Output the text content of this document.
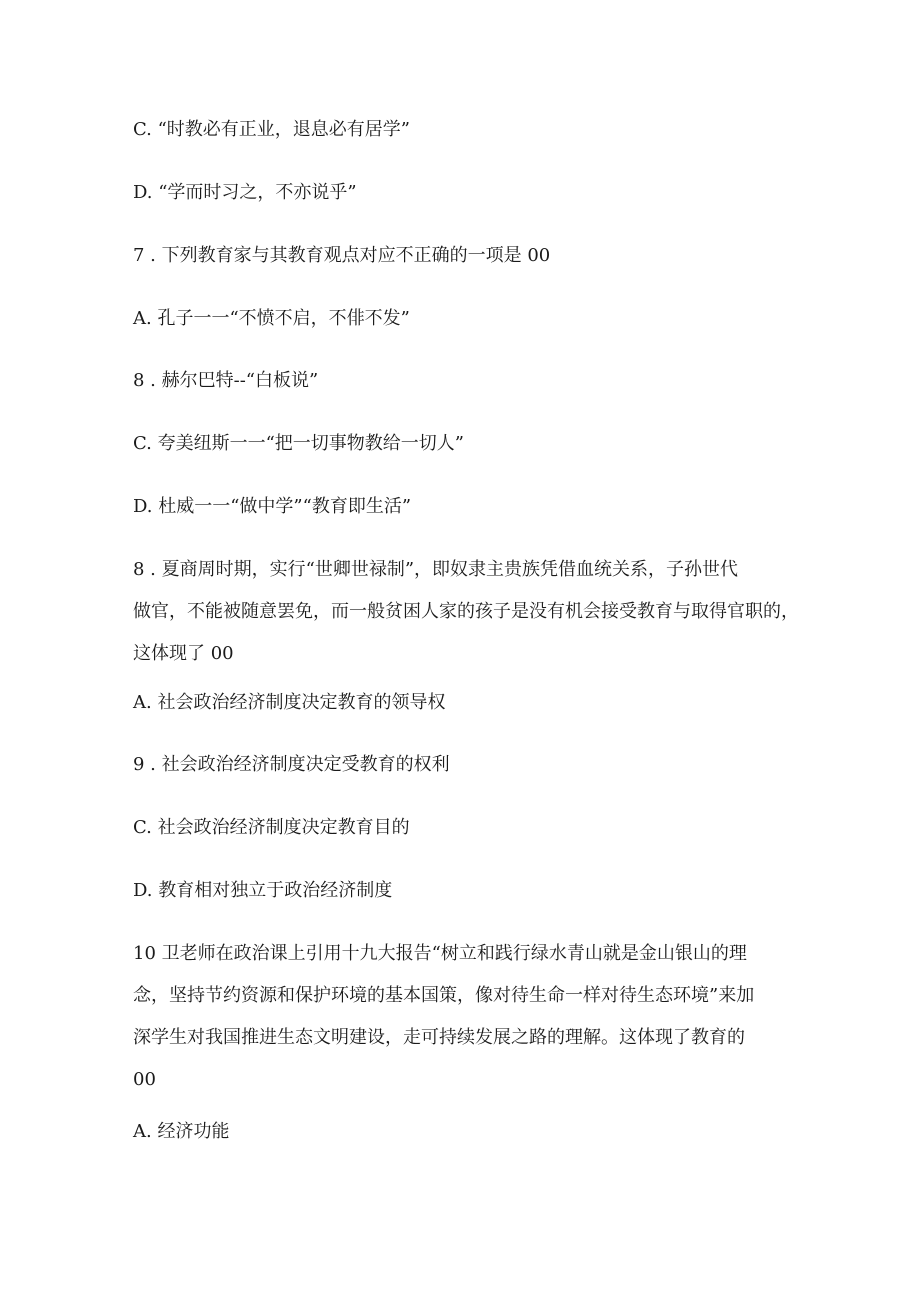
C. “时教必有正业，退息必有居学”
D. “学而时习之，不亦说乎”
7 . 下列教育家与其教育观点对应不正确的一项是 00
A. 孔子一一“不愤不启，不俳不发”
8 . 赫尔巴特--“白板说”
C. 夸美纽斯一一“把一切事物教给一切人”
D. 杜威一一“做中学”“教育即生活”
8 . 夏商周时期，实行“世卿世禄制”，即奴隶主贵族凭借血统关系，子孙世代
做官，不能被随意罢免，而一般贫困人家的孩子是没有机会接受教育与取得官职的，
这体现了 00
A. 社会政治经济制度决定教育的领导权
9 . 社会政治经济制度决定受教育的权利
C. 社会政治经济制度决定教育目的
D. 教育相对独立于政治经济制度
10 卫老师在政治课上引用十九大报告“树立和践行绿水青山就是金山银山的理
念，坚持节约资源和保护环境的基本国策，像对待生命一样对待生态环境”来加
深学生对我国推进生态文明建设，走可持续发展之路的理解。这体现了教育的
00
A. 经济功能
